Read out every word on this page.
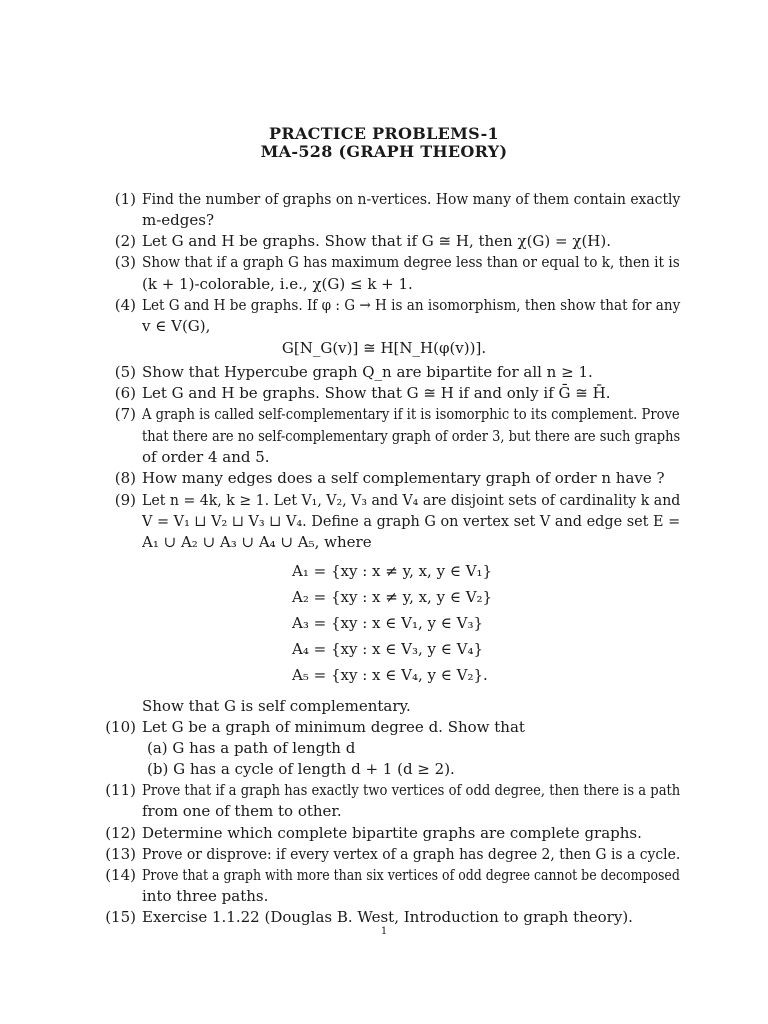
PRACTICE PROBLEMS-1
MA-528 (GRAPH THEORY)
(1) Find the number of graphs on n-vertices. How many of them contain exactly
m-edges?
(2) Let G and H be graphs. Show that if G ≅ H, then χ(G) = χ(H).
(3) Show that if a graph G has maximum degree less than or equal to k, then it is
(k + 1)-colorable, i.e., χ(G) ≤ k + 1.
(4) Let G and H be graphs. If φ : G → H is an isomorphism, then show that for any
v ∈ V(G),
G[N_G(v)] ≅ H[N_H(φ(v))].
(5) Show that Hypercube graph Q_n are bipartite for all n ≥ 1.
(6) Let G and H be graphs. Show that G ≅ H if and only if Ḡ ≅ H̄.
(7) A graph is called self-complementary if it is isomorphic to its complement. Prove
that there are no self-complementary graph of order 3, but there are such graphs
of order 4 and 5.
(8) How many edges does a self complementary graph of order n have ?
(9) Let n = 4k, k ≥ 1. Let V₁, V₂, V₃ and V₄ are disjoint sets of cardinality k and
V = V₁ ⊔ V₂ ⊔ V₃ ⊔ V₄. Define a graph G on vertex set V and edge set E =
A₁ ∪ A₂ ∪ A₃ ∪ A₄ ∪ A₅, where
A₁ = {xy : x ≠ y, x, y ∈ V₁}
A₂ = {xy : x ≠ y, x, y ∈ V₂}
A₃ = {xy : x ∈ V₁, y ∈ V₃}
A₄ = {xy : x ∈ V₃, y ∈ V₄}
A₅ = {xy : x ∈ V₄, y ∈ V₂}.
Show that G is self complementary.
(10) Let G be a graph of minimum degree d. Show that
(a) G has a path of length d
(b) G has a cycle of length d + 1 (d ≥ 2).
(11) Prove that if a graph has exactly two vertices of odd degree, then there is a path
from one of them to other.
(12) Determine which complete bipartite graphs are complete graphs.
(13) Prove or disprove: if every vertex of a graph has degree 2, then G is a cycle.
(14) Prove that a graph with more than six vertices of odd degree cannot be decomposed
into three paths.
(15) Exercise 1.1.22 (Douglas B. West, Introduction to graph theory).
1
